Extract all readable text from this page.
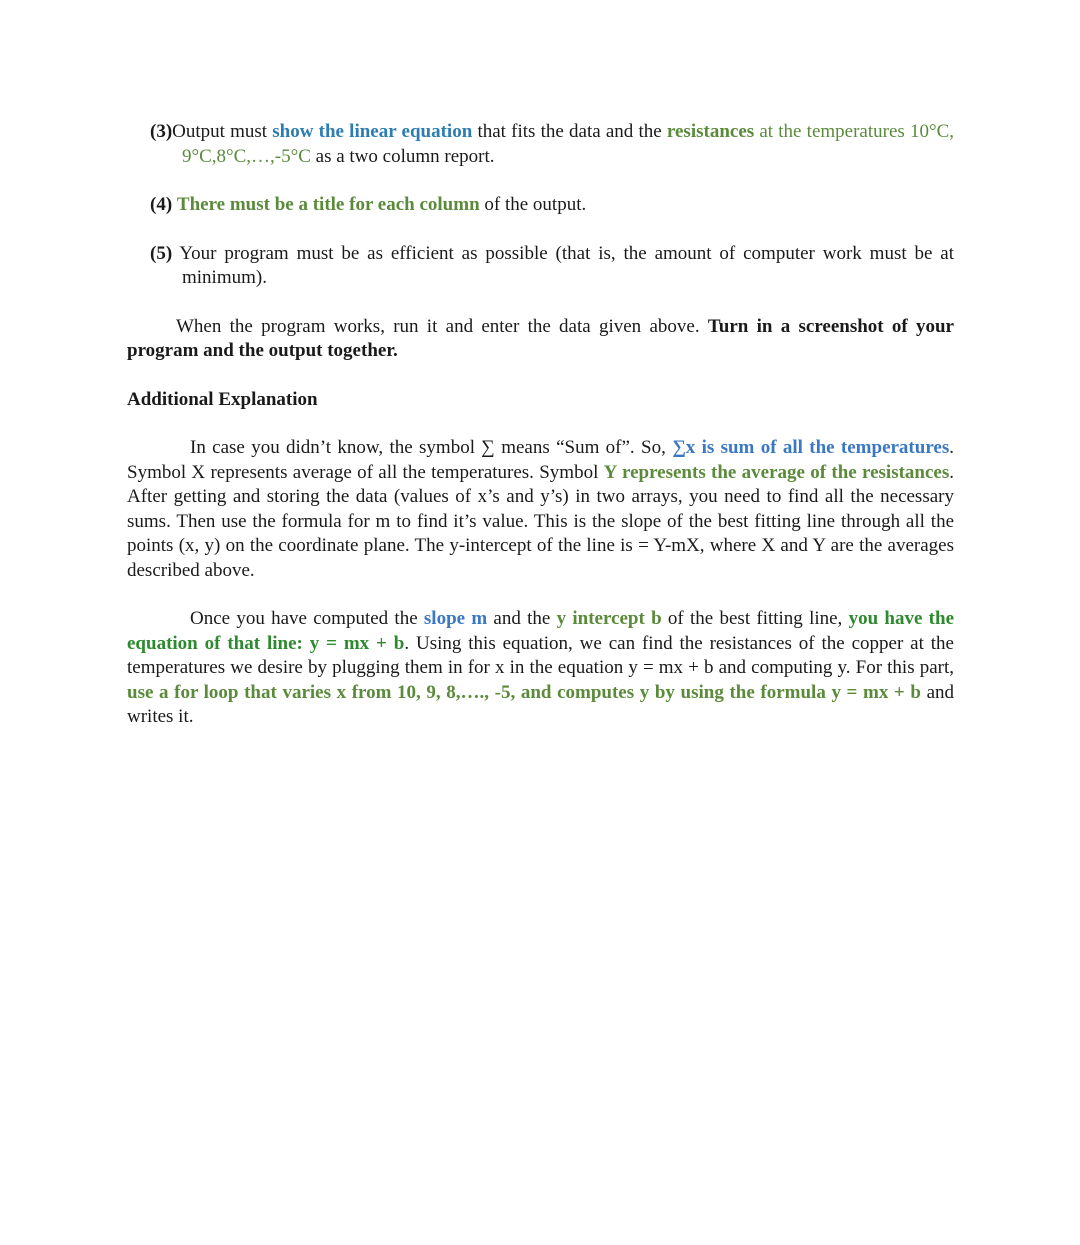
(3)Output must show the linear equation that fits the data and the resistances at the temperatures 10°C, 9°C,8°C,…,-5°C as a two column report.

(4) There must be a title for each column of the output.

(5) Your program must be as efficient as possible (that is, the amount of computer work must be at minimum).

When the program works, run it and enter the data given above. Turn in a screenshot of your program and the output together.

Additional Explanation

In case you didn’t know, the symbol ∑ means “Sum of”. So, ∑x is sum of all the temperatures. Symbol X represents average of all the temperatures. Symbol Y represents the average of the resistances. After getting and storing the data (values of x’s and y’s) in two arrays, you need to find all the necessary sums. Then use the formula for m to find it’s value. This is the slope of the best fitting line through all the points (x, y) on the coordinate plane. The y-intercept of the line is = Y-mX, where X and Y are the averages described above.

Once you have computed the slope m and the y intercept b of the best fitting line, you have the equation of that line: y = mx + b. Using this equation, we can find the resistances of the copper at the temperatures we desire by plugging them in for x in the equation y = mx + b and computing y. For this part, use a for loop that varies x from 10, 9, 8,…., -5, and computes y by using the formula y = mx + b and writes it.
